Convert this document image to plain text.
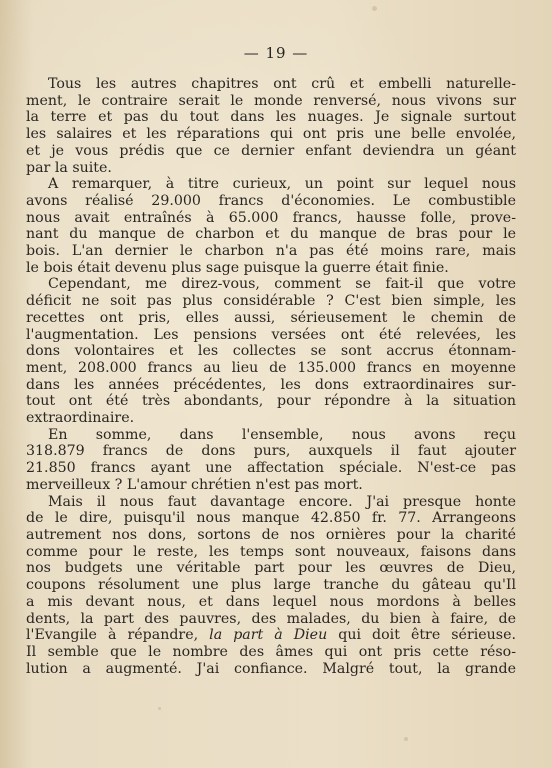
— 19 —
Tous les autres chapitres ont crû et embelli naturelle-
ment, le contraire serait le monde renversé, nous vivons sur
la terre et pas du tout dans les nuages. Je signale surtout
les salaires et les réparations qui ont pris une belle envolée,
et je vous prédis que ce dernier enfant deviendra un géant
par la suite.
A remarquer, à titre curieux, un point sur lequel nous
avons réalisé 29.000 francs d'économies. Le combustible
nous avait entraînés à 65.000 francs, hausse folle, prove-
nant du manque de charbon et du manque de bras pour le
bois. L'an dernier le charbon n'a pas été moins rare, mais
le bois était devenu plus sage puisque la guerre était finie.
Cependant, me direz-vous, comment se fait-il que votre
déficit ne soit pas plus considérable ? C'est bien simple, les
recettes ont pris, elles aussi, sérieusement le chemin de
l'augmentation. Les pensions versées ont été relevées, les
dons volontaires et les collectes se sont accrus étonnam-
ment, 208.000 francs au lieu de 135.000 francs en moyenne
dans les années précédentes, les dons extraordinaires sur-
tout ont été très abondants, pour répondre à la situation
extraordinaire.
En somme, dans l'ensemble, nous avons reçu
318.879 francs de dons purs, auxquels il faut ajouter
21.850 francs ayant une affectation spéciale. N'est-ce pas
merveilleux ? L'amour chrétien n'est pas mort.
Mais il nous faut davantage encore. J'ai presque honte
de le dire, puisqu'il nous manque 42.850 fr. 77. Arrangeons
autrement nos dons, sortons de nos ornières pour la charité
comme pour le reste, les temps sont nouveaux, faisons dans
nos budgets une véritable part pour les œuvres de Dieu,
coupons résolument une plus large tranche du gâteau qu'Il
a mis devant nous, et dans lequel nous mordons à belles
dents, la part des pauvres, des malades, du bien à faire, de
l'Evangile à répandre, la part à Dieu qui doit être sérieuse.
Il semble que le nombre des âmes qui ont pris cette réso-
lution a augmenté. J'ai confiance. Malgré tout, la grande
